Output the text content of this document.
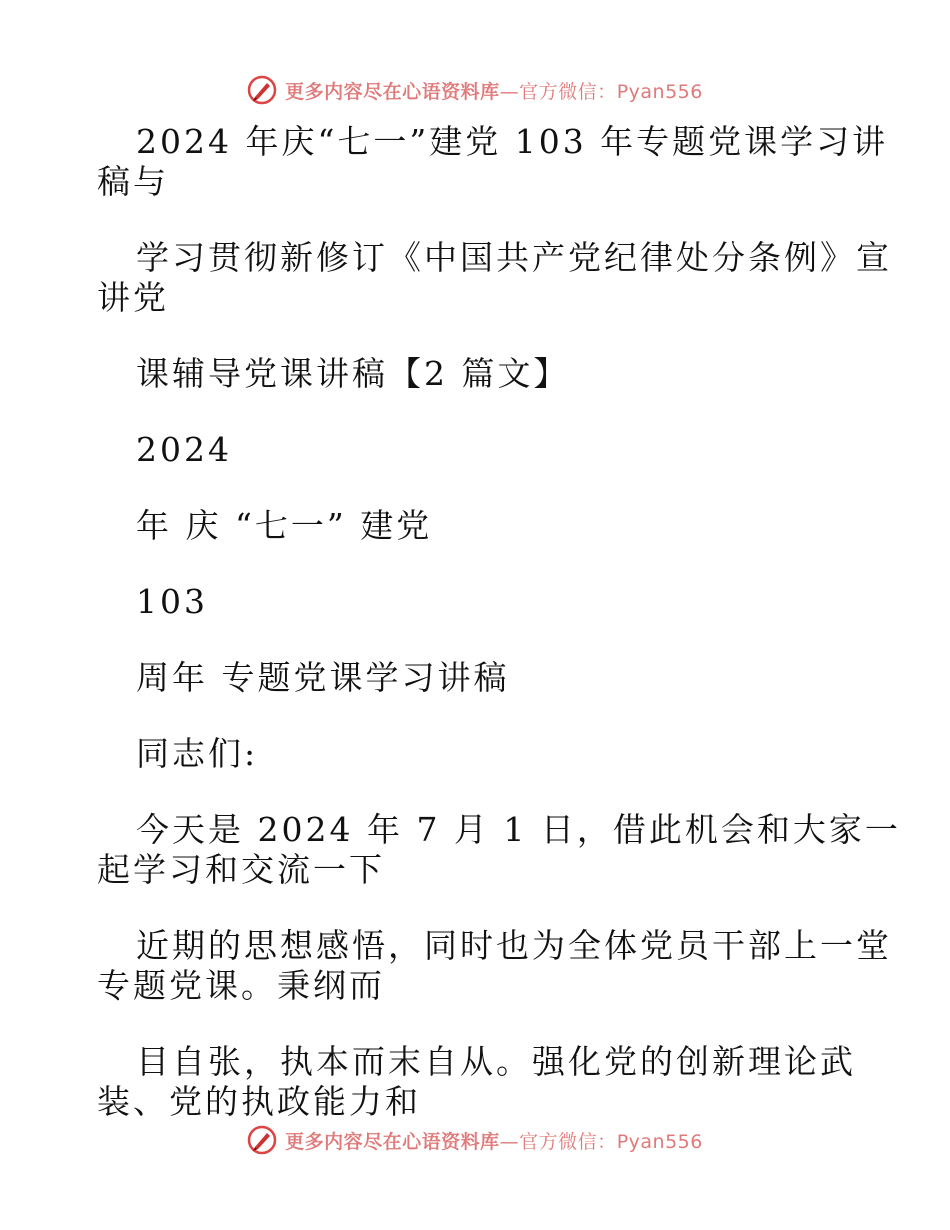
更多内容尽在心语资料库—官方微信：Pyan556
2024 年庆“七一”建党 103 年专题党课学习讲
稿与
学习贯彻新修订《中国共产党纪律处分条例》宣
讲党
课辅导党课讲稿【2 篇文】
2024
年 庆 “七一” 建党
103
周年 专题党课学习讲稿
同志们:
今天是 2024 年 7 月 1 日，借此机会和大家一
起学习和交流一下
近期的思想感悟，同时也为全体党员干部上一堂
专题党课。秉纲而
目自张，执本而末自从。强化党的创新理论武
装、党的执政能力和
更多内容尽在心语资料库—官方微信：Pyan556
